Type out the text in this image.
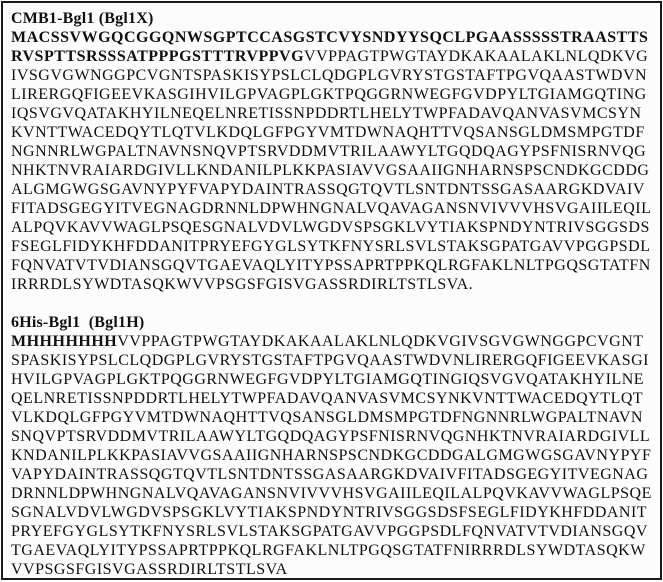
CMB1-Bgl1 (Bgl1X)

MACSSVWGQCGGQNWSGPTCCASGSTCVYSNDYYSQCLPGAASSSSSTRAASTTSRVSPTTSRSSSATPPPGSTTTRVPPVGVVPPAGTPWGTAYDKAKAALAKLNLQDKVGIVSGVGWNGGPCVGNTSPASKISYPSLCLQDGPLGVRYSTGSTAFTPGVQAASTWDVNLIRERGQFIGEEVKASGIHVILGPVAGPLGKTPQGGRNWEGFGVDPYLTGIAMGQTINGIQSVGVQATAKHYILNEQELNRETISSNPDDRTLHELYTWPFADAVQANVASVMCSYNKVNTTWACEDQYTLQTVLKDQLGFPGYVMTDWNAQHTTVQSANSGLDMSMPGTDFNGNNRLWGPALTNAVNSNQVPTSRVDDMVTRILAAWYLTGQDQAGYPSFNISRNVQGNHKTNVRAIARDGIVLLKNDANILPLKKPASIAVVGSAAIIGNHARNSPSCNDKGCDDGALGMGWGSGAVNYPYFVAPYDAINTRASSQGTQVTLSNTDNTSSGASAARGKDVAIVFITADSGEGYITVEGNAGDRNNLDPWHNGNALVQAVAGANSNVIVVVHSVGAIILEQILALPQVKAVVWAGLPSQESGNALVDVLWGDVSPSGKLVYTIAKSPNDYNTRIVSGGSDSFSEGLFIDYKHFDDANITPRYEFGYGLSYTKFNYSRLSVLSTAKSGPATGAVVPGGPSDLFQNVATVTVDIANSGQVTGAEVAQLYITYPSSAPRTPPKQLRGFAKLNLTPGQSGTATFNIRRRDLSYWDTASQKWVVPSGSFGISVGASSRDIRLTSTLSVA.

6His-Bgl1  (Bgl1H)

MHHHHHHHVVPPAGTPWGTAYDKAKAALAKLNLQDKVGIVSGVGWNGGPCVGNTSPASKISYPSLCLQDGPLGVRYSTGSTAFTPGVQAASTWDVNLIRERGQFIGEEVKASGIHVILGPVAGPLGKTPQGGRNWEGFGVDPYLTGIAMGQTINGIQSVGVQATAKHYILNEQELNRETISSNPDDRTLHELYTWPFADAVQANVASVMCSYNKVNTTWACEDQYTLQTVLKDQLGFPGYVMTDWNAQHTTVQSANSGLDMSMPGTDFNGNNRLWGPALTNAVNSNQVPTSRVDDMVTRILAAWYLTGQDQAGYPSFNISRNVQGNHKTNVRAIARDGIVLLKNDANILPLKKPASIAVVGSAAIIGNHARNSPSCNDKGCDDGALGMGWGSGAVNYPYFVAPYDAINTRASSQGTQVTLSNTDNTSSGASAARGKDVAIVFITADSGEGYITVEGNAGDRNNLDPWHNGNALVQAVAGANSNVIVVVHSVGAIILEQILALPQVKAVVWAGLPSQESGNALVDVLWGDVSPSGKLVYTIAKSPNDYNTRIVSGGSDSFSEGLFIDYKHFDDANITPRYEFGYGLSYTKFNYSRLSVLSTAKSGPATGAVVPGGPSDLFQNVATVTVDIANSGQVTGAEVAQLYITYPSSAPRTPPKQLRGFAKLNLTPGQSGTATFNIRRRDLSYWDTASQKWVVPSGSFGISVGASSRDIRLTSTLSVA
